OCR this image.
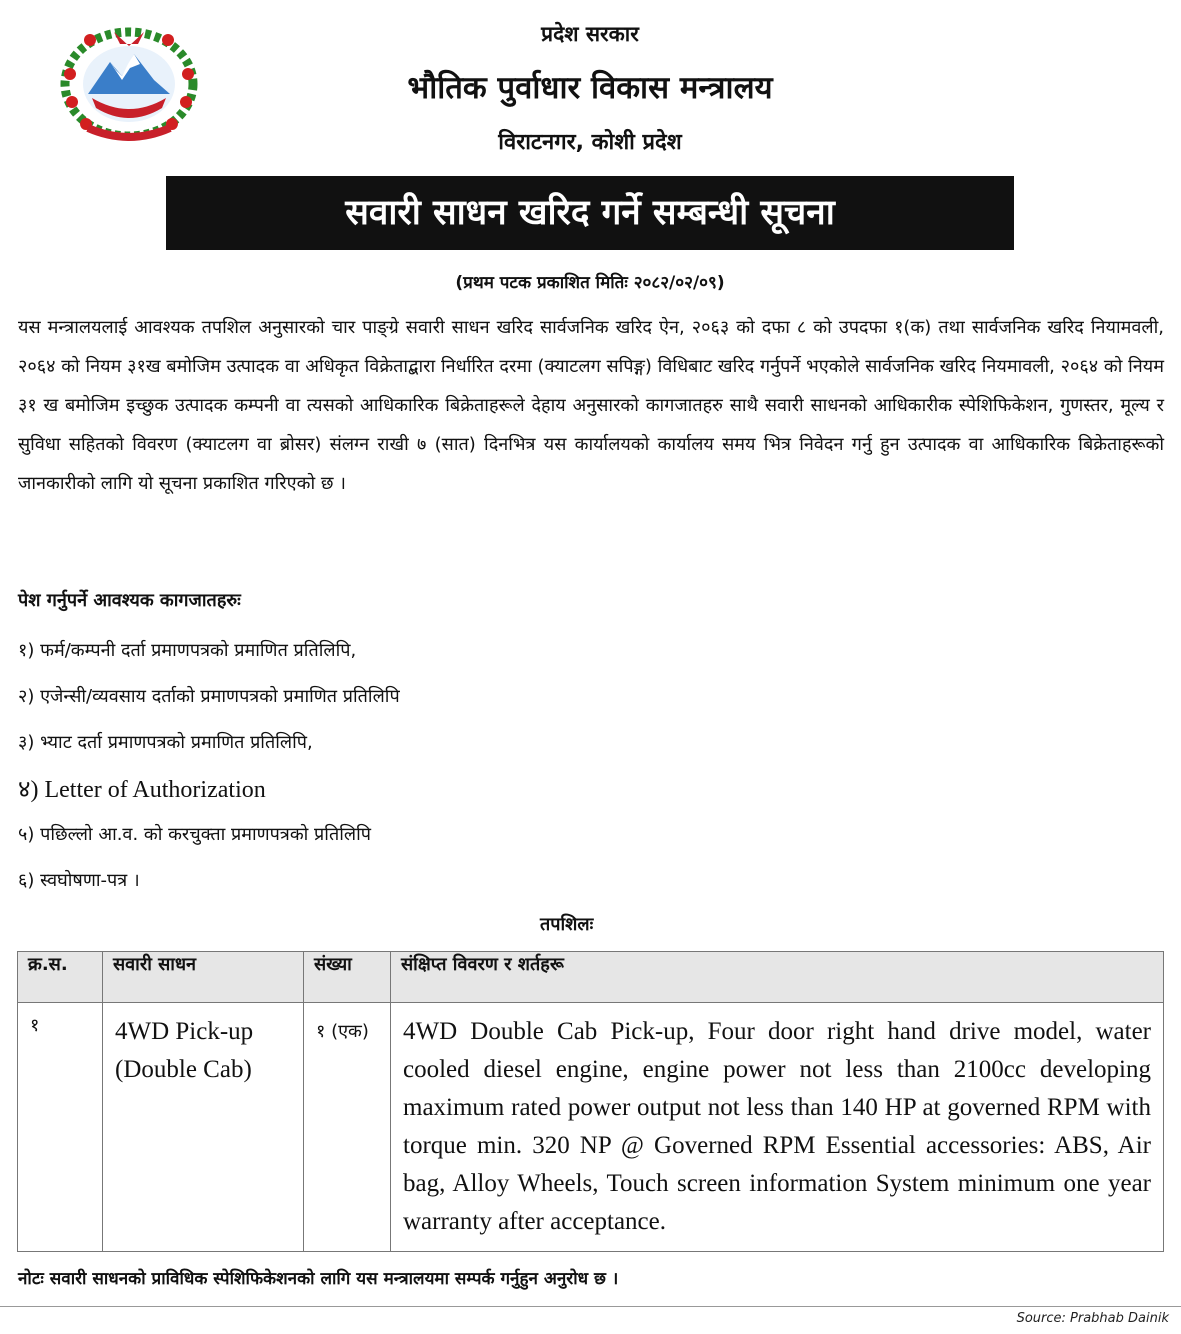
प्रदेश सरकार
भौतिक पुर्वाधार विकास मन्त्रालय
विराटनगर, कोशी प्रदेश
सवारी साधन खरिद गर्ने सम्बन्धी सूचना
(प्रथम पटक प्रकाशित मितिः २०८२/०२/०९)
यस मन्त्रालयलाई आवश्यक तपशिल अनुसारको चार पाङ्ग्रे सवारी साधन खरिद सार्वजनिक खरिद ऐन, २०६३ को दफा ८ को उपदफा १(क) तथा सार्वजनिक खरिद नियामवली, २०६४ को नियम ३१ख बमोजिम उत्पादक वा अधिकृत विक्रेताद्बारा निर्धारित दरमा (क्याटलग सपिङ्ग) विधिबाट खरिद गर्नुपर्ने भएकोले सार्वजनिक खरिद नियमावली, २०६४ को नियम ३१ ख बमोजिम इच्छुक उत्पादक कम्पनी वा त्यसको आधिकारिक बिक्रेताहरूले देहाय अनुसारको कागजातहरु साथै सवारी साधनको आधिकारीक स्पेशिफिकेशन, गुणस्तर, मूल्य र सुविधा सहितको विवरण (क्याटलग वा ब्रोसर) संलग्न राखी ७ (सात) दिनभित्र यस कार्यालयको कार्यालय समय भित्र निवेदन गर्नु हुन उत्पादक वा आधिकारिक बिक्रेताहरूको जानकारीको लागि यो सूचना प्रकाशित गरिएको छ ।
पेश गर्नुपर्ने आवश्यक कागजातहरुः
१) फर्म/कम्पनी दर्ता प्रमाणपत्रको प्रमाणित प्रतिलिपि,
२) एजेन्सी/व्यवसाय दर्ताको प्रमाणपत्रको प्रमाणित प्रतिलिपि
३) भ्याट दर्ता प्रमाणपत्रको प्रमाणित प्रतिलिपि,
४) Letter of Authorization
५) पछिल्लो आ.व. को करचुक्ता प्रमाणपत्रको प्रतिलिपि
६) स्वघोषणा-पत्र ।
तपशिलः
क्र.स.	सवारी साधन	संख्या	संक्षिप्त विवरण र शर्तहरू
१	4WD Pick-up (Double Cab)	१ (एक)	4WD Double Cab Pick-up, Four door right hand drive model, water cooled diesel engine, engine power not less than 2100cc developing maximum rated power output not less than 140 HP at governed RPM with torque min. 320 NP @ Governed RPM Essential accessories: ABS, Air bag, Alloy Wheels, Touch screen information System minimum one year warranty after acceptance.
नोटः सवारी साधनको प्राविधिक स्पेशिफिकेशनको लागि यस मन्त्रालयमा सम्पर्क गर्नुहुन अनुरोध छ ।
Source: Prabhab Dainik
